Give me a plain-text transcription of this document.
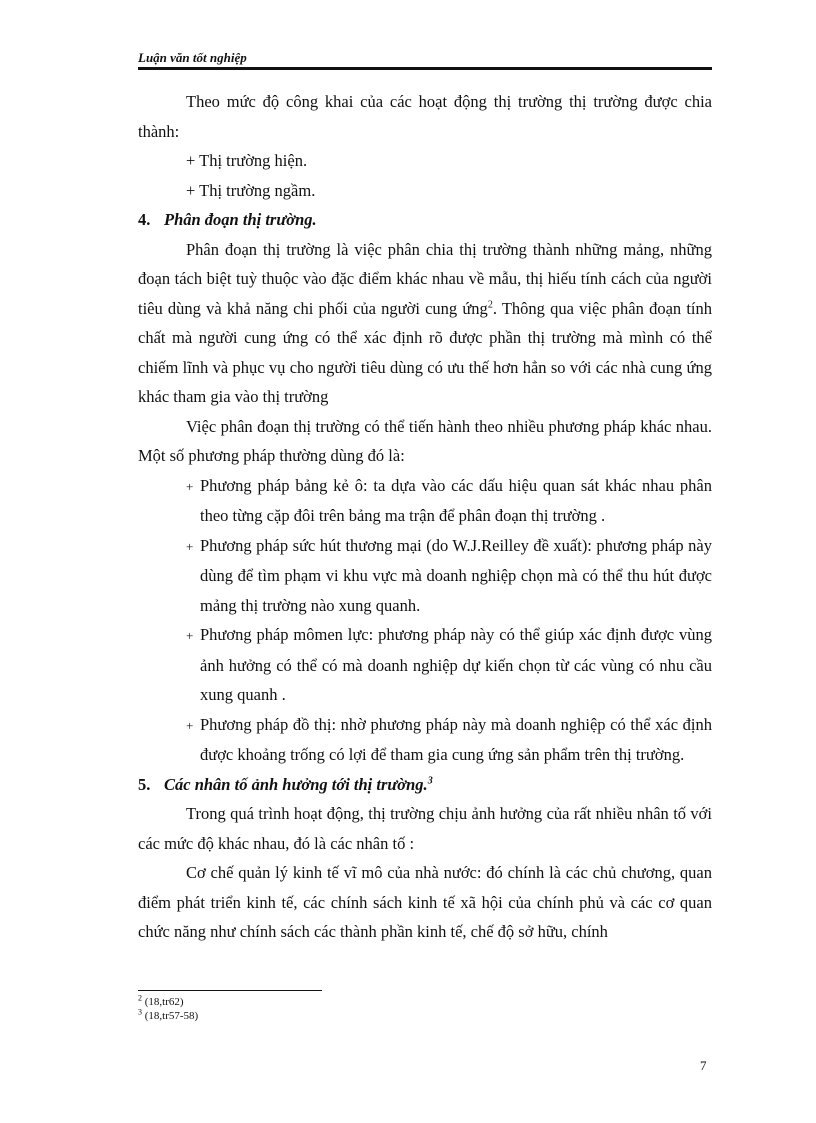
Luận văn tốt nghiệp

Theo mức độ công khai của các hoạt động thị trường thị trường được chia thành:

+ Thị trường hiện.

+ Thị trường ngầm.

4. Phân đoạn thị trường.

Phân đoạn thị trường là việc phân chia thị trường thành những mảng, những đoạn tách biệt tuỳ thuộc vào đặc điểm khác nhau về mẫu, thị hiếu tính cách của người tiêu dùng và khả năng chi phối của người cung ứng$^2$. Thông qua việc phân đoạn tính chất mà người cung ứng có thể xác định rõ được phần thị trường mà mình có thể chiếm lĩnh và phục vụ cho người tiêu dùng có ưu thế hơn hẳn so với các nhà cung ứng khác tham gia vào thị trường

Việc phân đoạn thị trường có thể tiến hành theo nhiều phương pháp khác nhau. Một số phương pháp thường dùng đó là:

+ Phương pháp bảng kẻ ô: ta dựa vào các dấu hiệu quan sát khác nhau phân theo từng cặp đôi trên bảng ma trận để phân đoạn thị trường .

+ Phương pháp sức hút thương mại (do W.J.Reilley đề xuất): phương pháp này dùng để tìm phạm vi khu vực mà doanh nghiệp chọn mà có thể thu hút được mảng thị trường nào xung quanh.

+ Phương pháp mômen lực: phương pháp này có thể giúp xác định được vùng ảnh hưởng có thể có mà doanh nghiệp dự kiến chọn từ các vùng có nhu cầu xung quanh .

+ Phương pháp đồ thị: nhờ phương pháp này mà doanh nghiệp có thể xác định được khoảng trống có lợi để tham gia cung ứng sản phẩm trên thị trường.

5. Các nhân tố ảnh hưởng tới thị trường.$^3$

Trong quá trình hoạt động, thị trường chịu ảnh hưởng của rất nhiều nhân tố với các mức độ khác nhau, đó là các nhân tố :

Cơ chế quản lý kinh tế vĩ mô của nhà nước: đó chính là các chủ chương, quan điểm phát triển kinh tế, các chính sách kinh tế xã hội của chính phủ và các cơ quan chức năng như chính sách các thành phần kinh tế, chế độ sở hữu, chính

$^2$ (18,tr62)
$^3$ (18,tr57-58)
7
